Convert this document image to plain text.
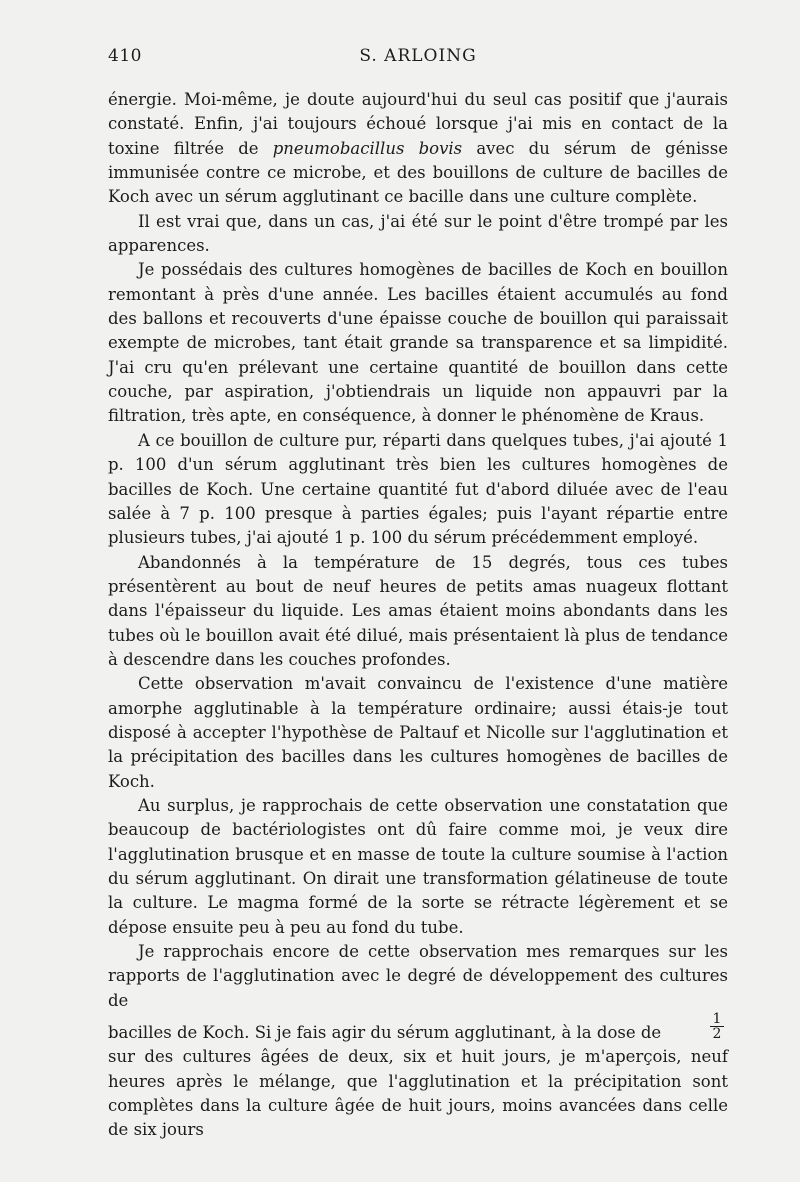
410	S. ARLOING

énergie. Moi-même, je doute aujourd'hui du seul cas positif que j'aurais constaté. Enfin, j'ai toujours échoué lorsque j'ai mis en contact de la toxine filtrée de pneumobacillus bovis avec du sérum de génisse immunisée contre ce microbe, et des bouillons de culture de bacilles de Koch avec un sérum agglutinant ce bacille dans une culture complète.

Il est vrai que, dans un cas, j'ai été sur le point d'être trompé par les apparences.

Je possédais des cultures homogènes de bacilles de Koch en bouillon remontant à près d'une année. Les bacilles étaient accumulés au fond des ballons et recouverts d'une épaisse couche de bouillon qui paraissait exempte de microbes, tant était grande sa transparence et sa limpidité. J'ai cru qu'en prélevant une certaine quantité de bouillon dans cette couche, par aspiration, j'obtiendrais un liquide non appauvri par la filtration, très apte, en conséquence, à donner le phénomène de Kraus.

A ce bouillon de culture pur, réparti dans quelques tubes, j'ai ajouté 1 p. 100 d'un sérum agglutinant très bien les cultures homogènes de bacilles de Koch. Une certaine quantité fut d'abord diluée avec de l'eau salée à 7 p. 100 presque à parties égales; puis l'ayant répartie entre plusieurs tubes, j'ai ajouté 1 p. 100 du sérum précédemment employé.

Abandonnés à la température de 15 degrés, tous ces tubes présentèrent au bout de neuf heures de petits amas nuageux flottant dans l'épaisseur du liquide. Les amas étaient moins abondants dans les tubes où le bouillon avait été dilué, mais présentaient là plus de tendance à descendre dans les couches profondes.

Cette observation m'avait convaincu de l'existence d'une matière amorphe agglutinable à la température ordinaire; aussi étais-je tout disposé à accepter l'hypothèse de Paltauf et Nicolle sur l'agglutination et la précipitation des bacilles dans les cultures homogènes de bacilles de Koch.

Au surplus, je rapprochais de cette observation une constatation que beaucoup de bactériologistes ont dû faire comme moi, je veux dire l'agglutination brusque et en masse de toute la culture soumise à l'action du sérum agglutinant. On dirait une transformation gélatineuse de toute la culture. Le magma formé de la sorte se rétracte légèrement et se dépose ensuite peu à peu au fond du tube.

Je rapprochais encore de cette observation mes remarques sur les rapports de l'agglutination avec le degré de développement des cultures de
bacilles de Koch. Si je fais agir du sérum agglutinant, à la dose de	$\frac{1}{2}$
sur des cultures âgées de deux, six et huit jours, je m'aperçois, neuf heures après le mélange, que l'agglutination et la précipitation sont complètes dans la culture âgée de huit jours, moins avancées dans celle de six jours
